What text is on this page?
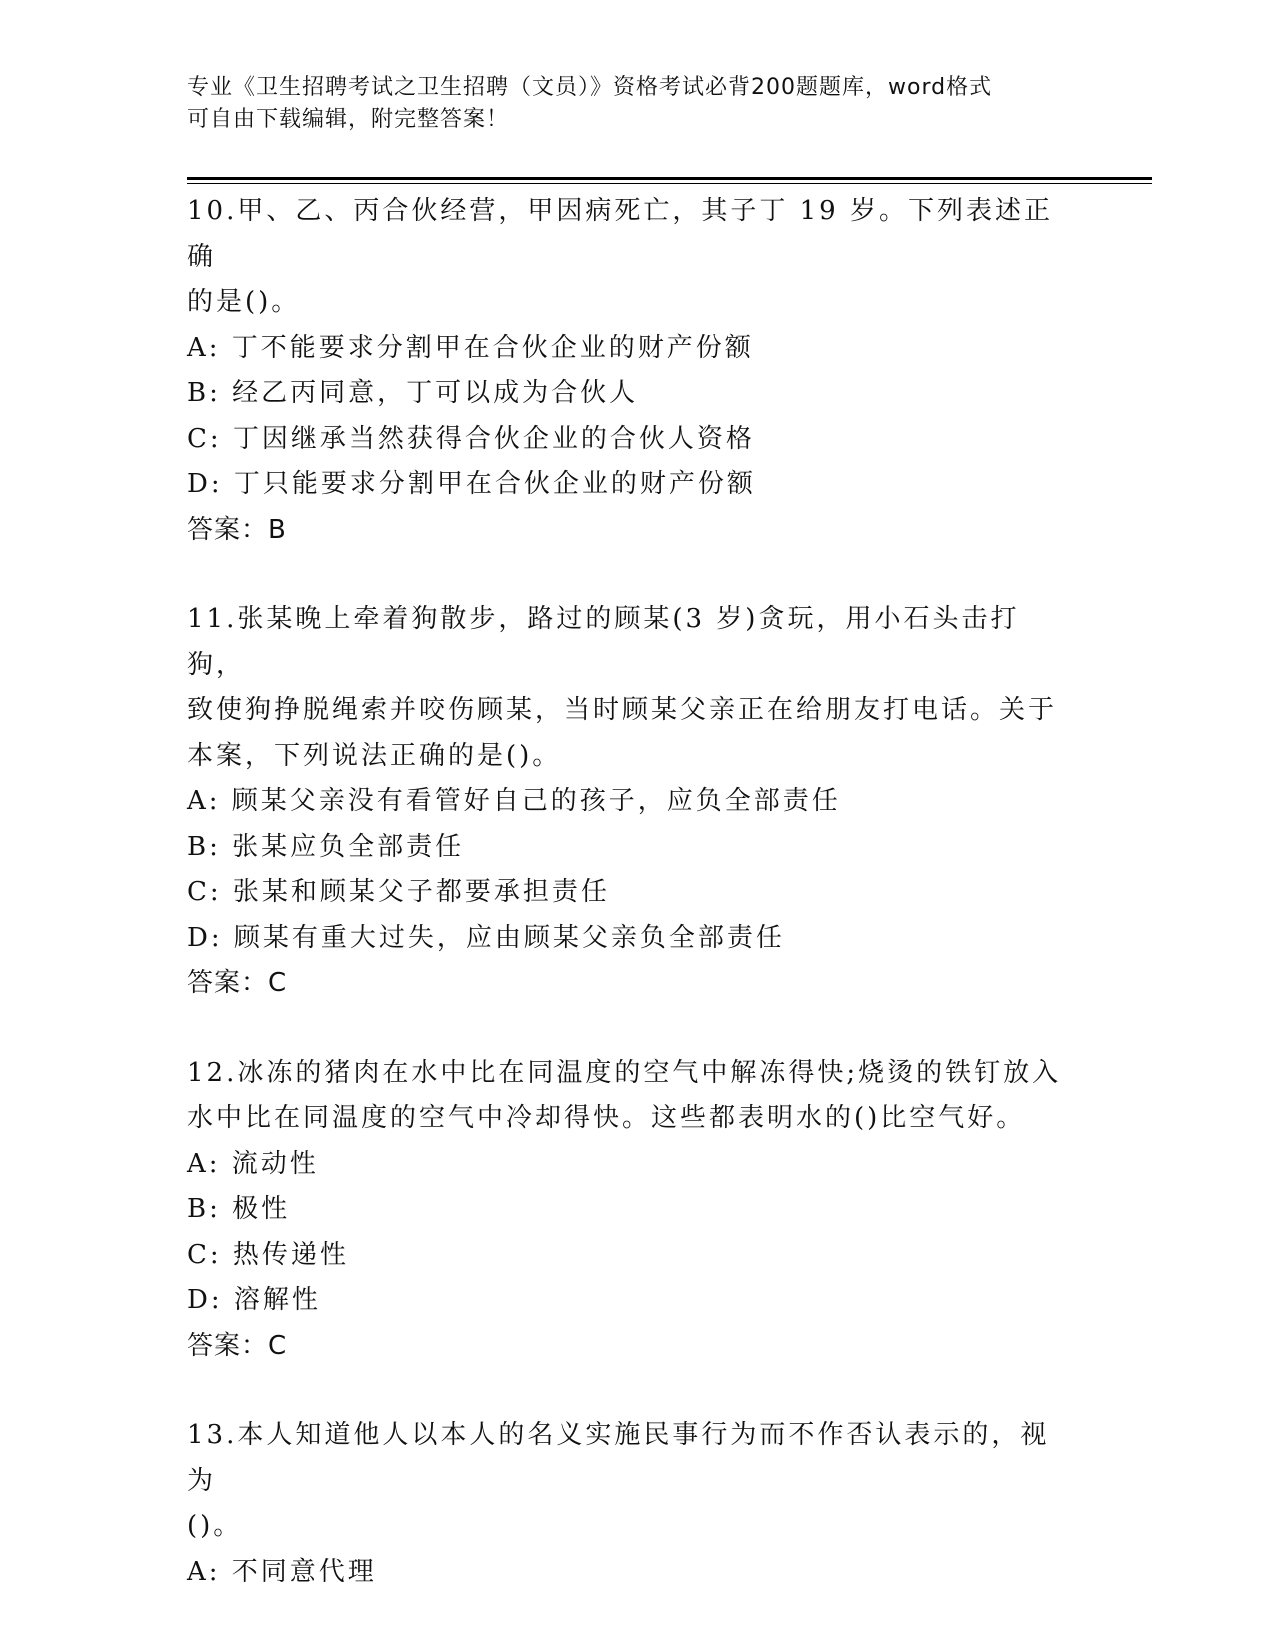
专业《卫生招聘考试之卫生招聘（文员）》资格考试必背200题题库，word格式
可自由下载编辑，附完整答案！

10.甲、乙、丙合伙经营，甲因病死亡，其子丁 19 岁。下列表述正确

的是()。

A: 丁不能要求分割甲在合伙企业的财产份额

B: 经乙丙同意，丁可以成为合伙人

C: 丁因继承当然获得合伙企业的合伙人资格

D: 丁只能要求分割甲在合伙企业的财产份额

答案：B

11.张某晚上牵着狗散步，路过的顾某(3 岁)贪玩，用小石头击打狗，

致使狗挣脱绳索并咬伤顾某，当时顾某父亲正在给朋友打电话。关于

本案，下列说法正确的是()。

A: 顾某父亲没有看管好自己的孩子，应负全部责任

B: 张某应负全部责任

C: 张某和顾某父子都要承担责任

D: 顾某有重大过失，应由顾某父亲负全部责任

答案：C

12.冰冻的猪肉在水中比在同温度的空气中解冻得快;烧烫的铁钉放入

水中比在同温度的空气中冷却得快。这些都表明水的()比空气好。

A: 流动性

B: 极性

C: 热传递性

D: 溶解性

答案：C

13.本人知道他人以本人的名义实施民事行为而不作否认表示的，视为

()。

A: 不同意代理
